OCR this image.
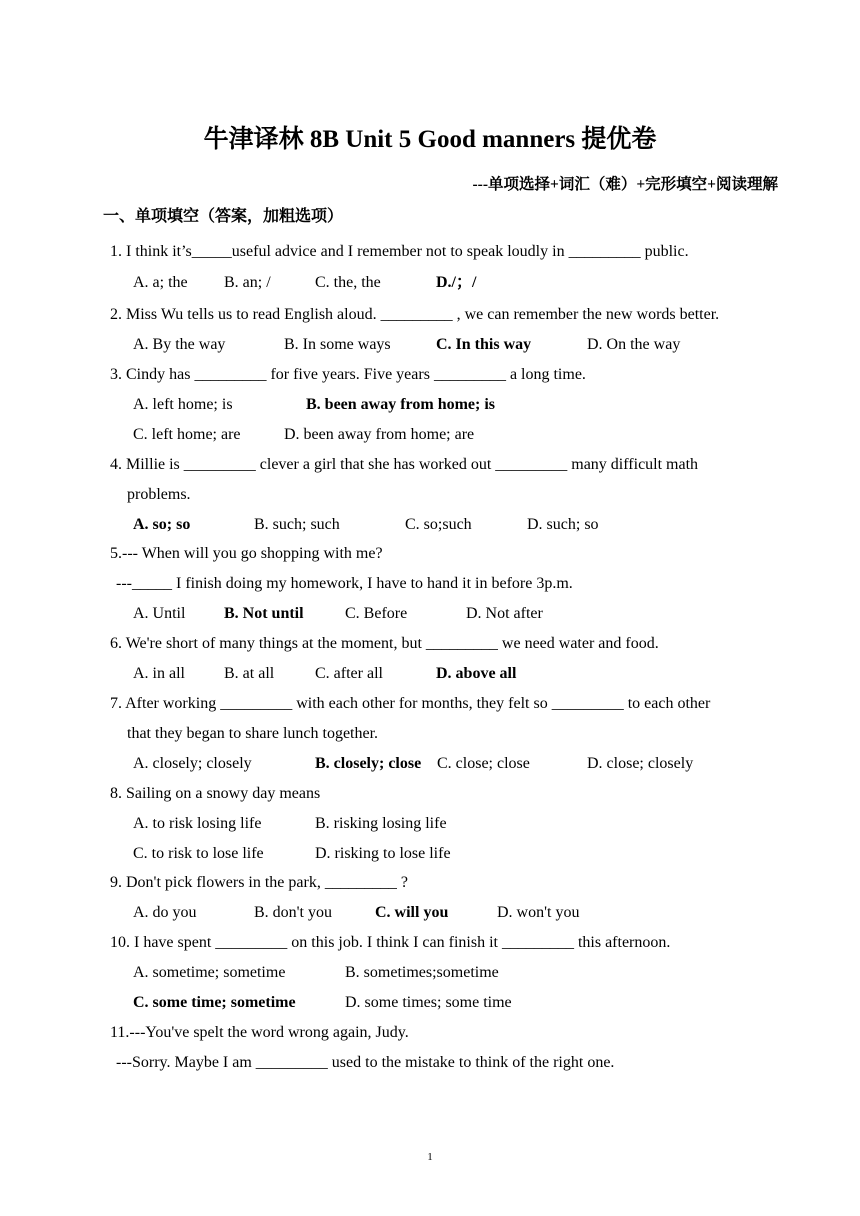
牛津译林 8B Unit 5 Good manners 提优卷
---单项选择+词汇（难）+完形填空+阅读理解
一、单项填空（答案，加粗选项）
1. I think it’s_____useful advice and I remember not to speak loudly in _________ public.
A. a; the B. an; /	C. the, the	D./；/
2. Miss Wu tells us to read English aloud. _________ , we can remember the new words better.
A. By the way	B. In some ways	C. In this way	D. On the way
3. Cindy has _________ for five years. Five years _________ a long time.
A. left home; is	B. been away from home; is
C. left home; are	D. been away from home; are
4. Millie is _________ clever a girl that she has worked out _________ many difficult math
problems.
A. so; so	B. such; such	C. so;such	D. such; so
5.--- When will you go shopping with me?
---_____ I finish doing my homework, I have to hand it in before 3p.m.
A. Until B. Not until	C. Before	D. Not after
6. We're short of many things at the moment, but _________ we need water and food.
A. in all B. at all	C. after all	D. above all
7. After working _________ with each other for months, they felt so _________ to each other
that they began to share lunch together.
A. closely; closely	B. closely; close C. close; close	D. close; closely
8. Sailing on a snowy day means
A. to risk losing life	B. risking losing life
C. to risk to lose life	D. risking to lose life
9. Don't pick flowers in the park, _________ ?
A. do you	B. don't you	C. will you	D. won't you
10. I have spent _________ on this job. I think I can finish it _________ this afternoon.
A. sometime; sometime	B. sometimes;sometime
C. some time; sometime	D. some times; some time
11.---You've spelt the word wrong again, Judy.
---Sorry. Maybe I am _________ used to the mistake to think of the right one.
1
